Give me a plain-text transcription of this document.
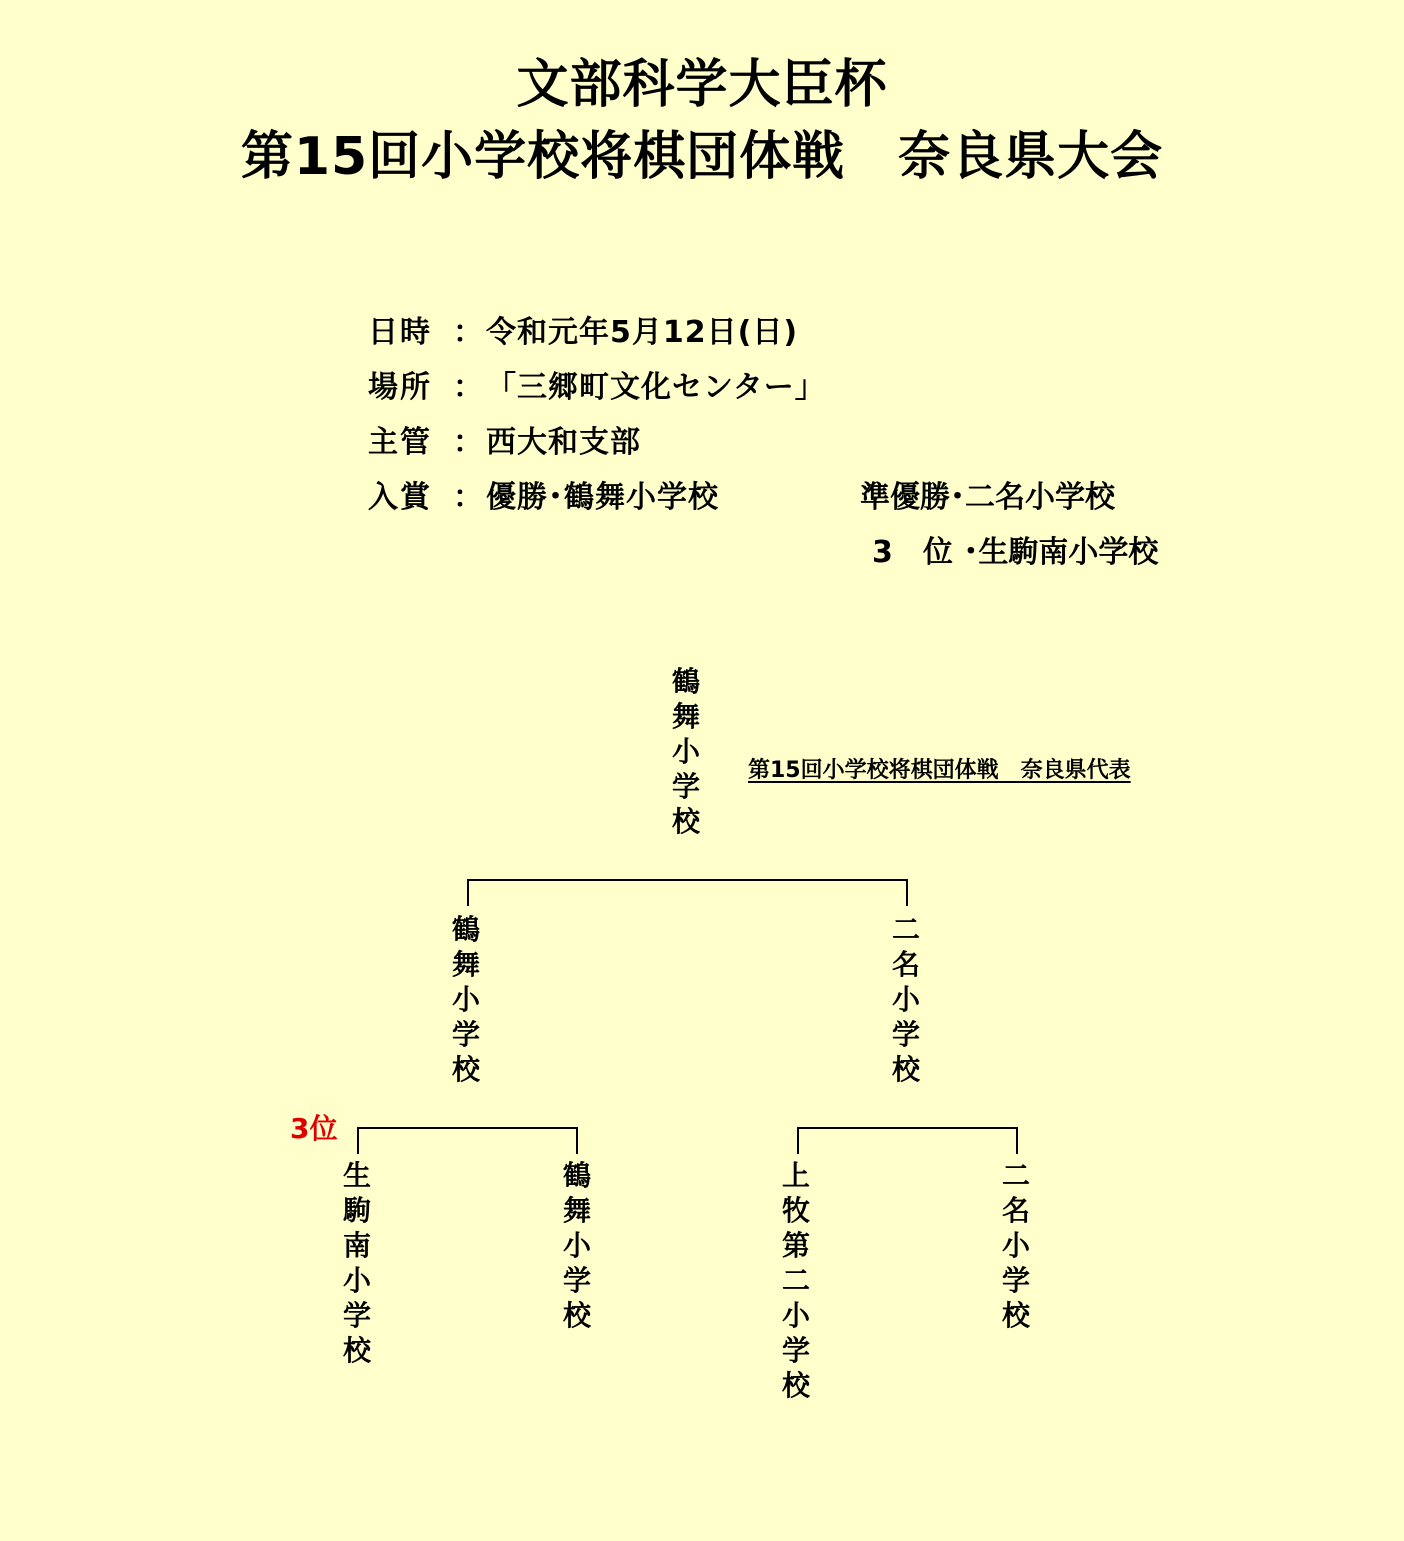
文部科学大臣杯
第15回小学校将棋団体戦　奈良県大会
日時 ： 令和元年5月12日(日)
場所 ： 「三郷町文化センター」
主管 ： 西大和支部
入賞 ： 優勝･鶴舞小学校	準優勝･二名小学校
3　位 ･生駒南小学校
鶴舞小学校
第15回小学校将棋団体戦　奈良県代表
鶴舞小学校
二名小学校
3位
生駒南小学校
鶴舞小学校
上牧第二小学校
二名小学校
